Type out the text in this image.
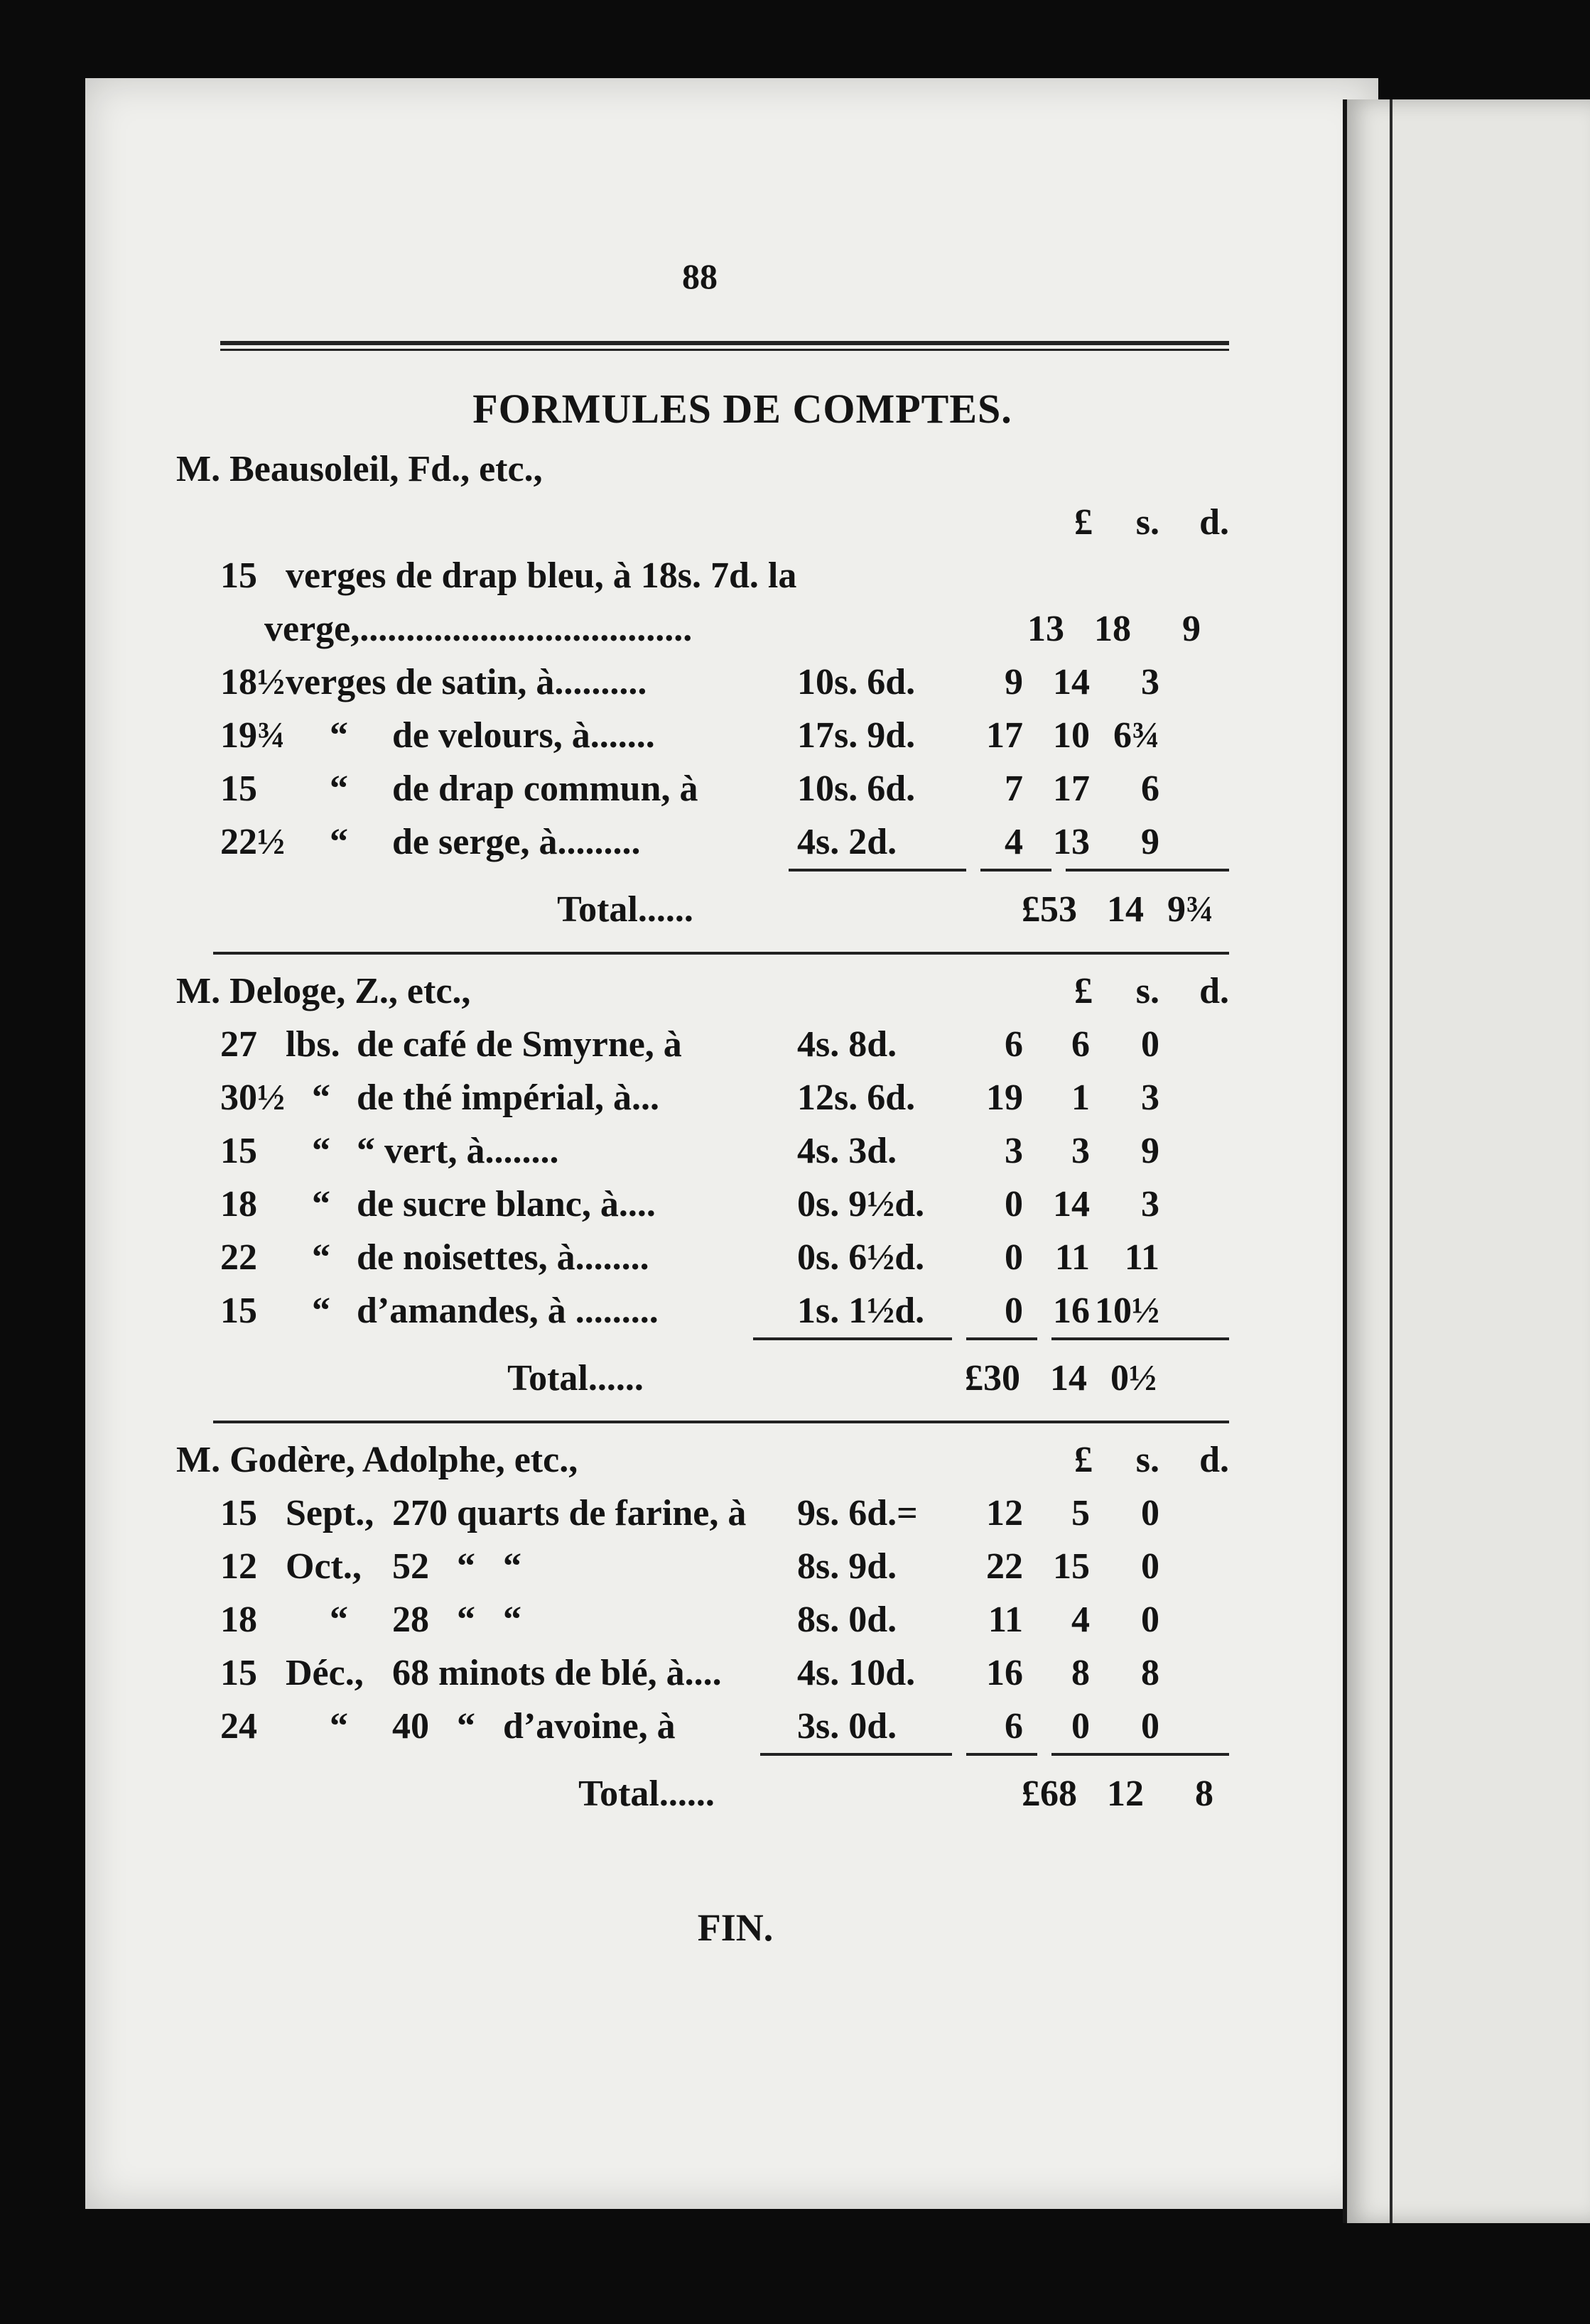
88
FORMULES DE COMPTES.
M. Beausoleil, Fd., etc.,
£	s.	d.
15 verges de drap bleu, à 18s. 7d. la
verge,....................................	13 18	9
18½ verges de satin, à..........	10s. 6d.	9 14	3
19¾	“	de velours, à.......	17s. 9d.	17 10 6¾
15	“	de drap commun, à	10s. 6d.	7 17	6
22½	“	de serge, à.........	4s. 2d.	4 13	9
Total......	£53 14 9¾
M. Deloge, Z., etc.,	£	s.	d.
27 lbs. de café de Smyrne, à	4s. 8d.	6	6	0
30½ “ de thé impérial, à...	12s. 6d.	19	1	3
15	“ “ vert, à........	4s. 3d.	3	3	9
18	“ de sucre blanc, à....	0s. 9½d.	0 14	3
22	“ de noisettes, à........	0s. 6½d.	0 11 11
15	“ d’amandes, à .........	1s. 1½d.	0 16 10½
Total......	£30 14 0½
M. Godère, Adolphe, etc.,	£	s.	d.
15 Sept., 270 quarts de farine, à	9s. 6d.=	12	5	0
12 Oct., 52   “   “	8s. 9d.	22 15	0
18	“	28   “   “	8s. 0d.	11	4	0
15 Déc., 68 minots de blé, à....	4s. 10d.	16	8	8
24	“	40   “   d’avoine, à	3s. 0d.	6	0	0
Total......	£68 12	8
FIN.
